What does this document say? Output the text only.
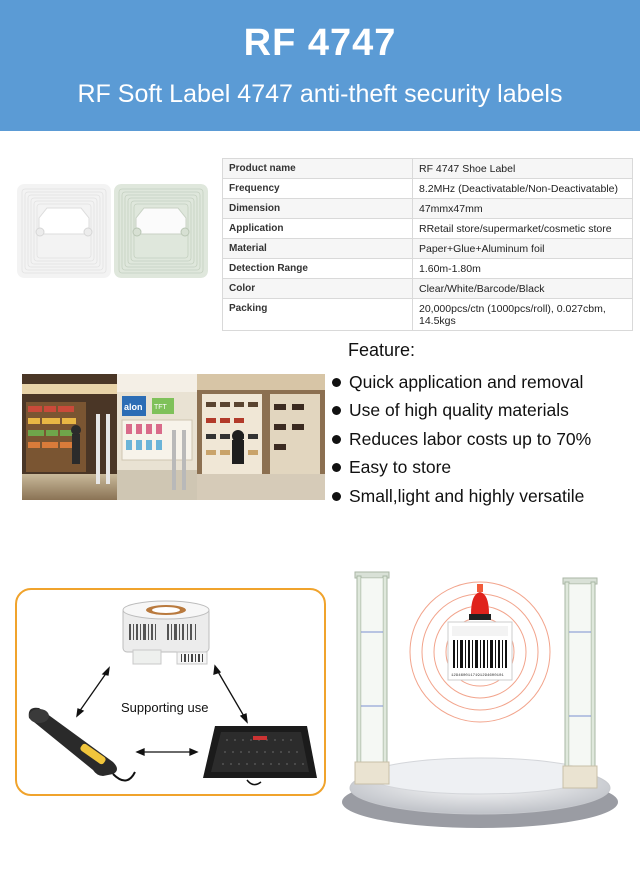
RF 4747
RF Soft Label 4747 anti-theft security labels
Product name	RF 4747 Shoe Label
Frequency	8.2MHz (Deactivatable/Non-Deactivatable)
Dimension	47mmx47mm
Application	RRetail store/supermarket/cosmetic store
Material	Paper+Glue+Aluminum foil
Detection Range	1.60m-1.80m
Color	Clear/White/Barcode/Black
Packing	20,000pcs/ctn (1000pcs/roll), 0.027cbm, 14.5kgs
alon TFT
Feature:
Quick application and removal
Use of high quality materials
Reduces labor costs up to 70%
Easy to store
Small,light and highly versatile
Supporting use
1294600117191294600101
